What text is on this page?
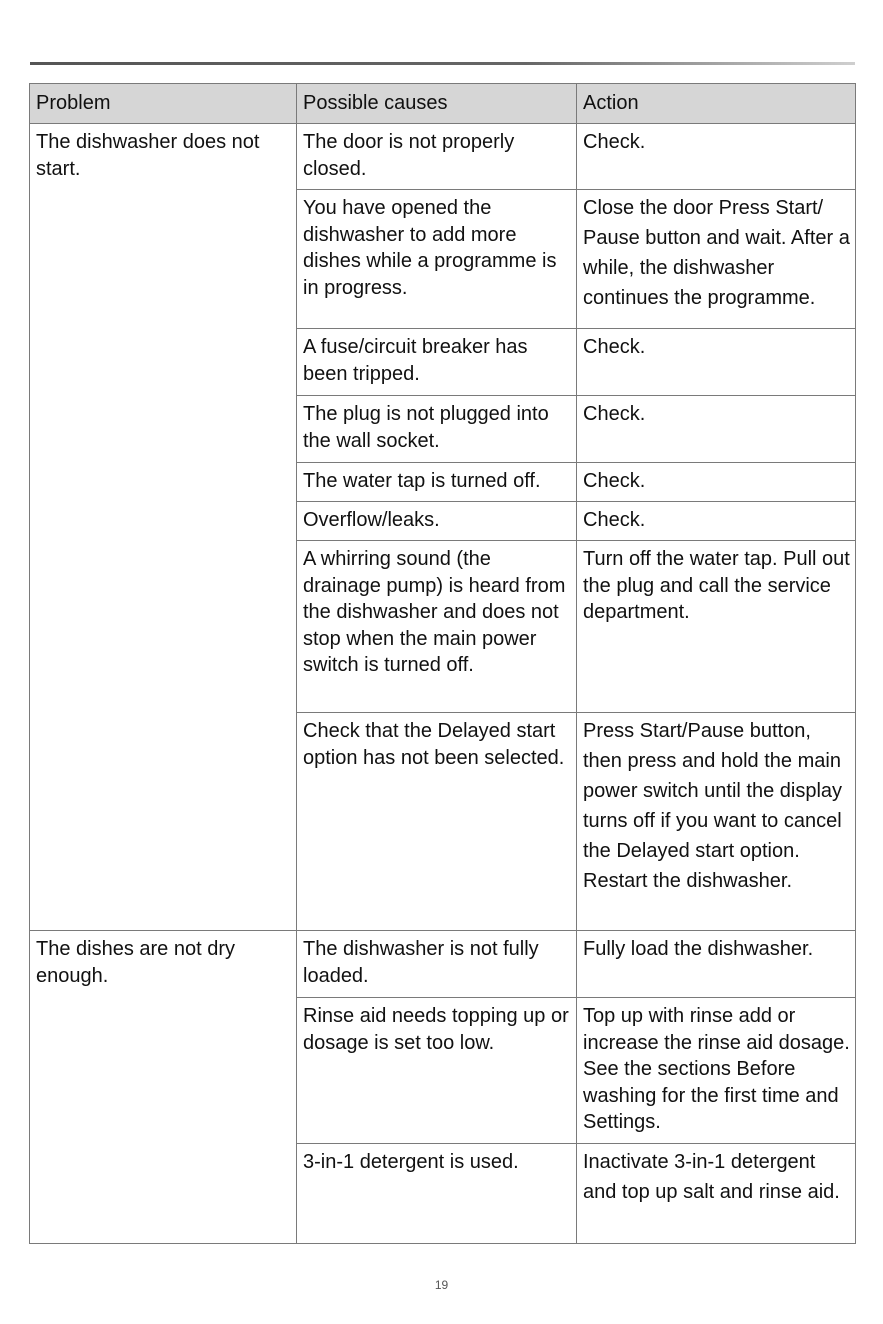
Problem	Possible causes	Action
The dishwasher does not start.	The door is not properly closed.	Check.
	You have opened the dishwasher to add more dishes while a programme is in progress.	Close the door Press Start/ Pause button and wait. After a while, the dishwasher continues the programme.
	A fuse/circuit breaker has been tripped.	Check.
	The plug is not plugged into the wall socket.	Check.
	The water tap is turned off.	Check.
	Overflow/leaks.	Check.
	A whirring sound (the drainage pump) is heard from the dishwasher and does not stop when the main power switch is turned off.	Turn off the water tap. Pull out the plug and call the service department.
	Check that the Delayed start option has not been selected.	Press Start/Pause button, then press and hold the main power switch until the display turns off if you want to cancel the Delayed start option. Restart the dishwasher.
The dishes are not dry enough.	The dishwasher is not fully loaded.	Fully load the dishwasher.
	Rinse aid needs topping up or dosage is set too low.	Top up with rinse add or increase the rinse aid dosage. See the sections Before washing for the first time and Settings.
	3-in-1 detergent is used.	Inactivate 3-in-1 detergent and top up salt and rinse aid.
19
